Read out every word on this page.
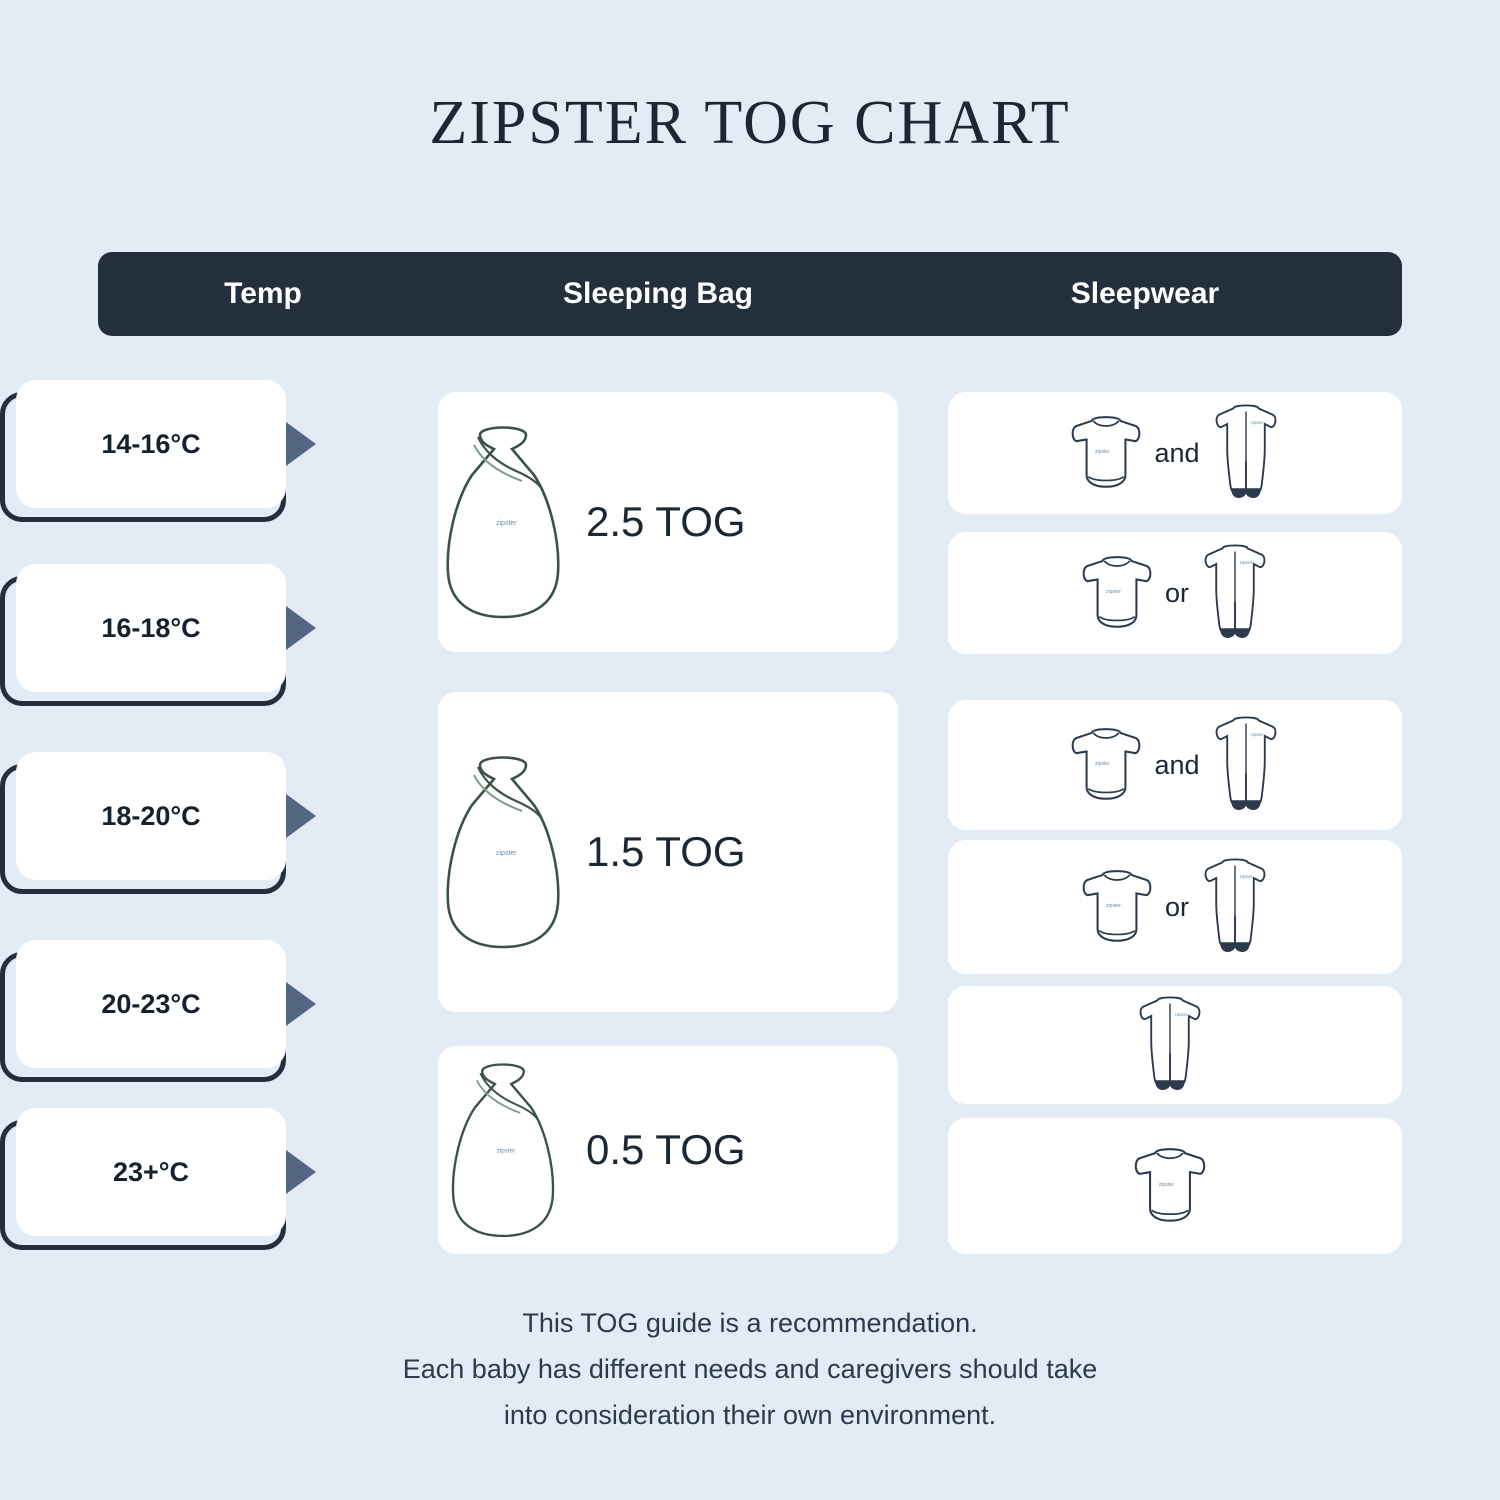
ZIPSTER TOG CHART
Temp	Sleeping Bag	Sleepwear
14-16°C
16-18°C
18-20°C
20-23°C
23+°C
zipster 2.5 TOG
zipster 1.5 TOG
zipster 0.5 TOG
zipster and
zipster
zipster or
zipster
zipster and
zipster
zipster or
zipster
zipster
zipster
This TOG guide is a recommendation.
Each baby has different needs and caregivers should take
into consideration their own environment.
